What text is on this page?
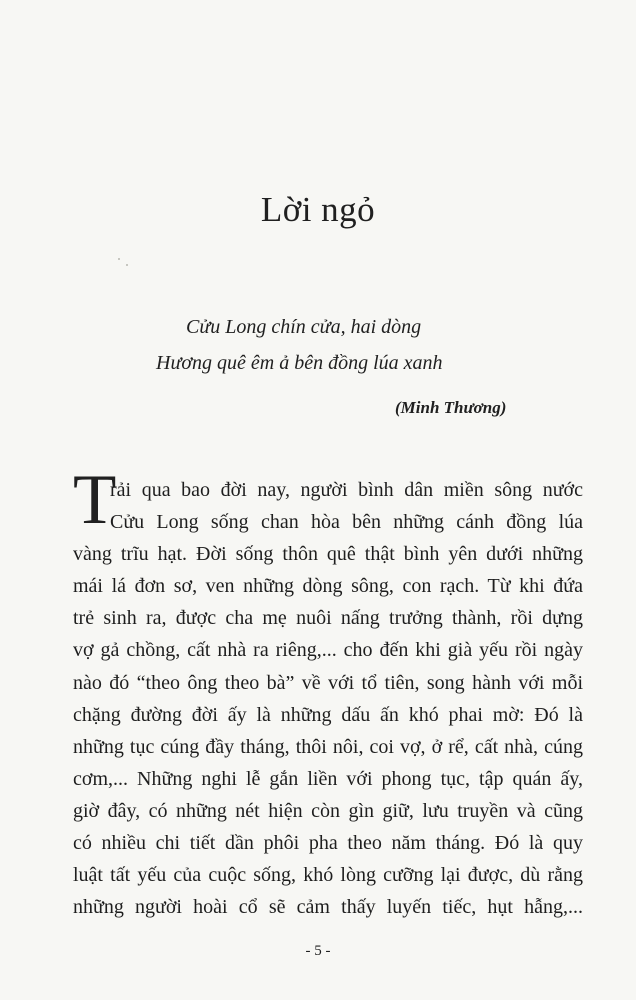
Lời ngỏ
Cửu Long chín cửa, hai dòng
Hương quê êm ả bên đồng lúa xanh
(Minh Thương)
T
rải qua bao đời nay, người bình dân miền sông nước
Cửu Long sống chan hòa bên những cánh đồng lúa
vàng trĩu hạt. Đời sống thôn quê thật bình yên dưới những
mái lá đơn sơ, ven những dòng sông, con rạch. Từ khi đứa
trẻ sinh ra, được cha mẹ nuôi nấng trưởng thành, rồi dựng
vợ gả chồng, cất nhà ra riêng,... cho đến khi già yếu rồi ngày
nào đó “theo ông theo bà” về với tổ tiên, song hành với mỗi
chặng đường đời ấy là những dấu ấn khó phai mờ: Đó là
những tục cúng đầy tháng, thôi nôi, coi vợ, ở rể, cất nhà, cúng
cơm,... Những nghi lễ gắn liền với phong tục, tập quán ấy,
giờ đây, có những nét hiện còn gìn giữ, lưu truyền và cũng
có nhiều chi tiết dần phôi pha theo năm tháng. Đó là quy
luật tất yếu của cuộc sống, khó lòng cưỡng lại được, dù rằng
những người hoài cổ sẽ cảm thấy luyến tiếc, hụt hẫng,...
- 5 -
